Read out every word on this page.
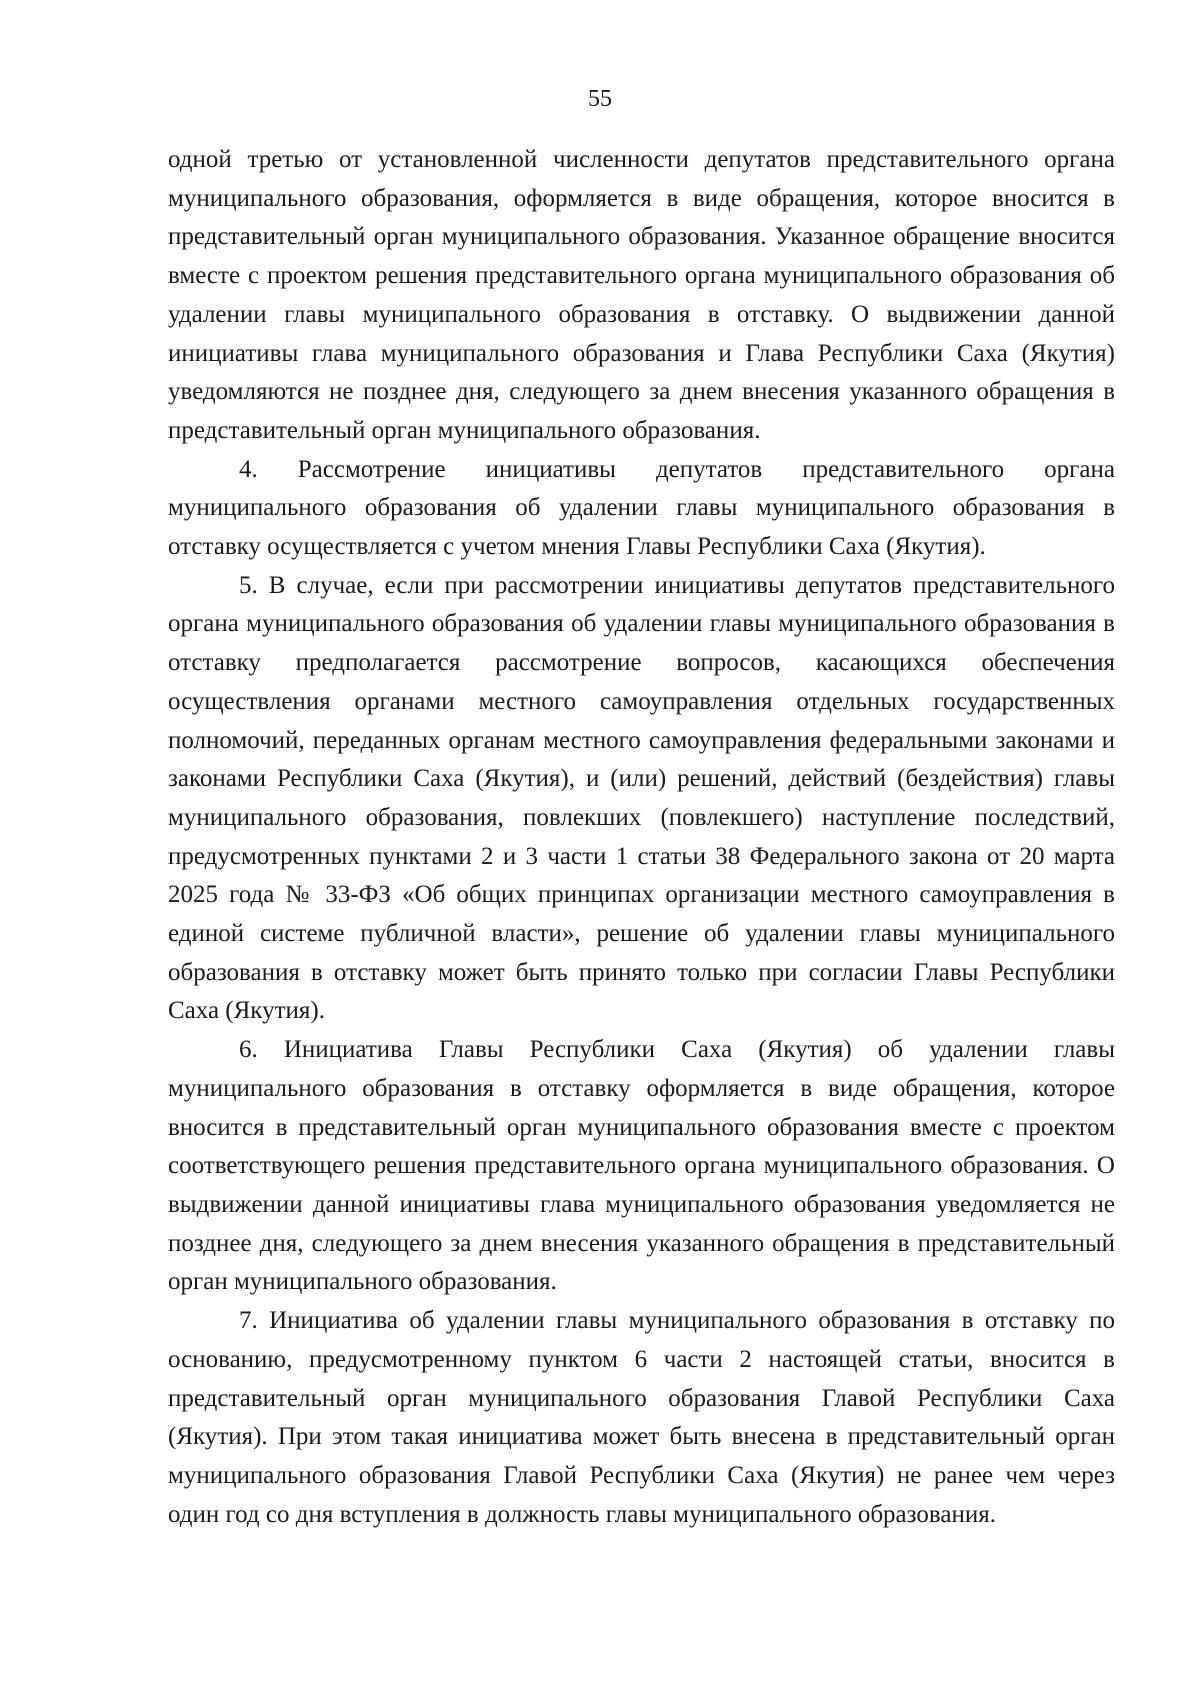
55

одной третью от установленной численности депутатов представительного органа муниципального образования, оформляется в виде обращения, которое вносится в представительный орган муниципального образования. Указанное обращение вносится вместе с проектом решения представительного органа муниципального образования об удалении главы муниципального образования в отставку. О выдвижении данной инициативы глава муниципального образования и Глава Республики Саха (Якутия) уведомляются не позднее дня, следующего за днем внесения указанного обращения в представительный орган муниципального образования.

4. Рассмотрение инициативы депутатов представительного органа муниципального образования об удалении главы муниципального образования в отставку осуществляется с учетом мнения Главы Республики Саха (Якутия).

5. В случае, если при рассмотрении инициативы депутатов представительного органа муниципального образования об удалении главы муниципального образования в отставку предполагается рассмотрение вопросов, касающихся обеспечения осуществления органами местного самоуправления отдельных государственных полномочий, переданных органам местного самоуправления федеральными законами и законами Республики Саха (Якутия), и (или) решений, действий (бездействия) главы муниципального образования, повлекших (повлекшего) наступление последствий, предусмотренных пунктами 2 и 3 части 1 статьи 38 Федерального закона от 20 марта 2025 года № 33-ФЗ «Об общих принципах организации местного самоуправления в единой системе публичной власти», решение об удалении главы муниципального образования в отставку может быть принято только при согласии Главы Республики Саха (Якутия).

6. Инициатива Главы Республики Саха (Якутия) об удалении главы муниципального образования в отставку оформляется в виде обращения, которое вносится в представительный орган муниципального образования вместе с проектом соответствующего решения представительного органа муниципального образования. О выдвижении данной инициативы глава муниципального образования уведомляется не позднее дня, следующего за днем внесения указанного обращения в представительный орган муниципального образования.

7. Инициатива об удалении главы муниципального образования в отставку по основанию, предусмотренному пунктом 6 части 2 настоящей статьи, вносится в представительный орган муниципального образования Главой Республики Саха (Якутия). При этом такая инициатива может быть внесена в представительный орган муниципального образования Главой Республики Саха (Якутия) не ранее чем через один год со дня вступления в должность главы муниципального образования.
